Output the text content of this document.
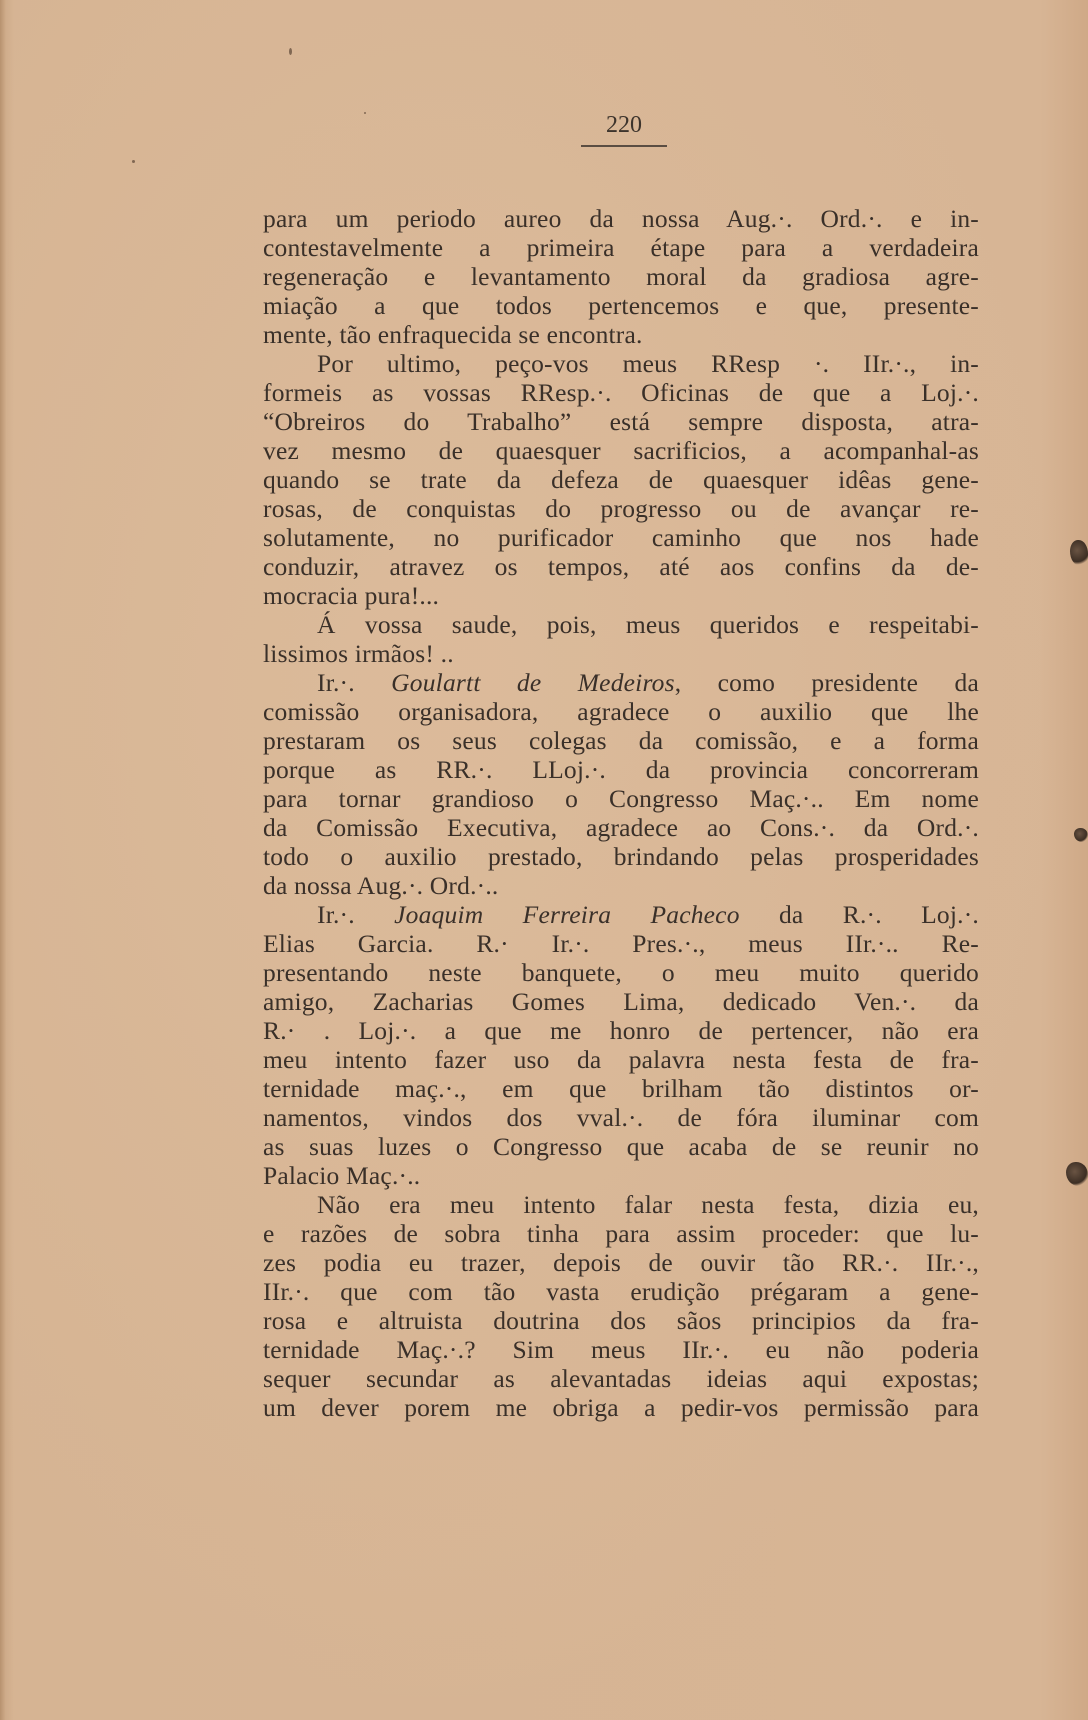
220
para um periodo aureo da nossa Aug.·. Ord.·. e in-
contestavelmente a primeira étape para a verdadeira
regeneração e levantamento moral da gradiosa agre-
miação a que todos pertencemos e que, presente-
mente, tão enfraquecida se encontra.
Por ultimo, peço-vos meus RResp ·. IIr.·., in-
formeis as vossas RResp.·. Oficinas de que a Loj.·.
“Obreiros do Trabalho” está sempre disposta, atra-
vez mesmo de quaesquer sacrificios, a acompanhal-as
quando se trate da defeza de quaesquer idêas gene-
rosas, de conquistas do progresso ou de avançar re-
solutamente, no purificador caminho que nos hade
conduzir, atravez os tempos, até aos confins da de-
mocracia pura!...
Á vossa saude, pois, meus queridos e respeitabi-
lissimos irmãos! ..
Ir.·. Goulartt de Medeiros, como presidente da
comissão organisadora, agradece o auxilio que lhe
prestaram os seus colegas da comissão, e a forma
porque as RR.·. LLoj.·. da provincia concorreram
para tornar grandioso o Congresso Maç.·.. Em nome
da Comissão Executiva, agradece ao Cons.·. da Ord.·.
todo o auxilio prestado, brindando pelas prosperidades
da nossa Aug.·. Ord.·..
Ir.·. Joaquim Ferreira Pacheco da R.·. Loj.·.
Elias Garcia. R.· Ir.·. Pres.·., meus IIr.·.. Re-
presentando neste banquete, o meu muito querido
amigo, Zacharias Gomes Lima, dedicado Ven.·. da
R.· . Loj.·. a que me honro de pertencer, não era
meu intento fazer uso da palavra nesta festa de fra-
ternidade maç.·., em que brilham tão distintos or-
namentos, vindos dos vval.·. de fóra iluminar com
as suas luzes o Congresso que acaba de se reunir no
Palacio Maç.·..
Não era meu intento falar nesta festa, dizia eu,
e razões de sobra tinha para assim proceder: que lu-
zes podia eu trazer, depois de ouvir tão RR.·. IIr.·.,
IIr.·. que com tão vasta erudição prégaram a gene-
rosa e altruista doutrina dos sãos principios da fra-
ternidade Maç.·.? Sim meus IIr.·. eu não poderia
sequer secundar as alevantadas ideias aqui expostas;
um dever porem me obriga a pedir-vos permissão para
